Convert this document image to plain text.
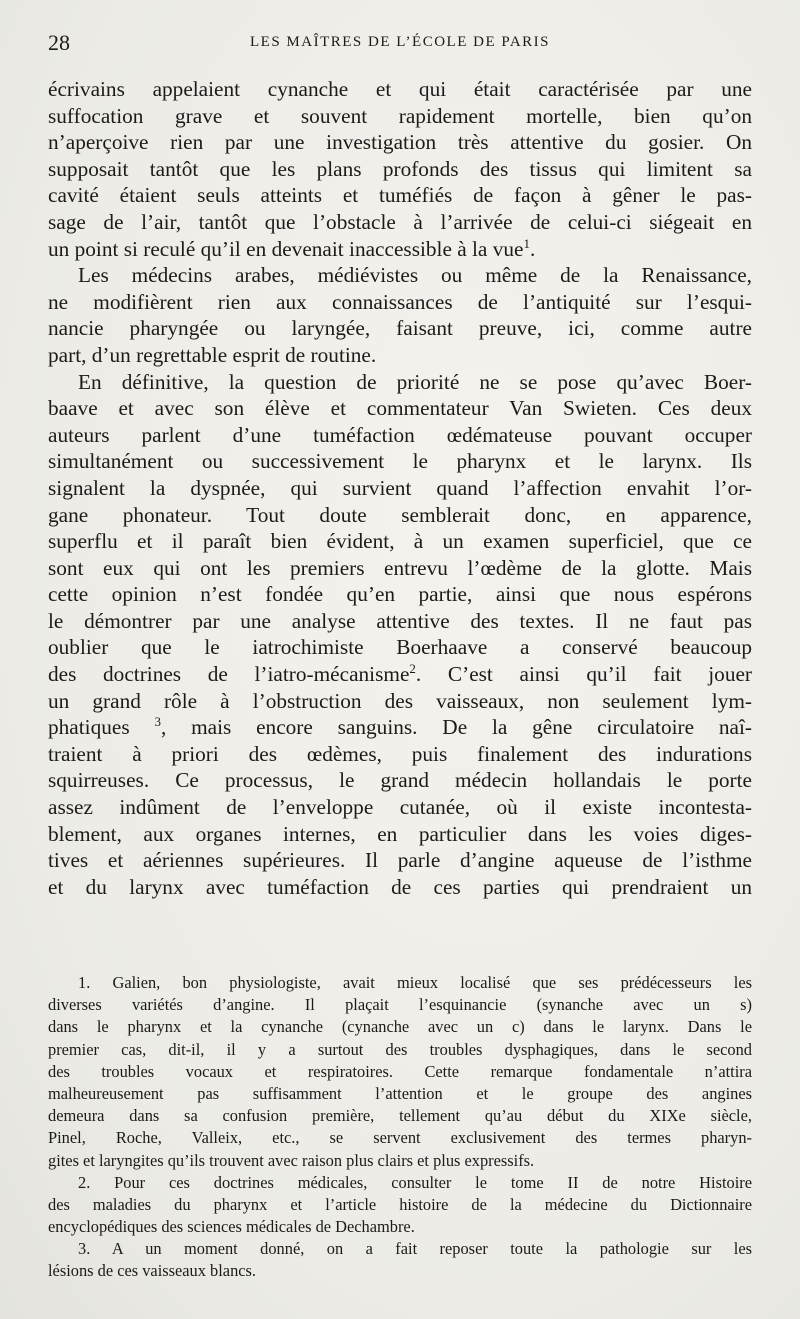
28	LES MAÎTRES DE L’ÉCOLE DE PARIS
écrivains appelaient cynanche et qui était caractérisée par une
suffocation grave et souvent rapidement mortelle, bien qu’on
n’aperçoive rien par une investigation très attentive du gosier. On
supposait tantôt que les plans profonds des tissus qui limitent sa
cavité étaient seuls atteints et tuméfiés de façon à gêner le pas-
sage de l’air, tantôt que l’obstacle à l’arrivée de celui-ci siégeait en
un point si reculé qu’il en devenait inaccessible à la vue$^1$.
Les médecins arabes, médiévistes ou même de la Renaissance,
ne modifièrent rien aux connaissances de l’antiquité sur l’esqui-
nancie pharyngée ou laryngée, faisant preuve, ici, comme autre
part, d’un regrettable esprit de routine.
En définitive, la question de priorité ne se pose qu’avec Boer-
baave et avec son élève et commentateur Van Swieten. Ces deux
auteurs parlent d’une tuméfaction œdémateuse pouvant occuper
simultanément ou successivement le pharynx et le larynx. Ils
signalent la dyspnée, qui survient quand l’affection envahit l’or-
gane phonateur. Tout doute semblerait donc, en apparence,
superflu et il paraît bien évident, à un examen superficiel, que ce
sont eux qui ont les premiers entrevu l’œdème de la glotte. Mais
cette opinion n’est fondée qu’en partie, ainsi que nous espérons
le démontrer par une analyse attentive des textes. Il ne faut pas
oublier que le iatrochimiste Boerhaave a conservé beaucoup
des doctrines de l’iatro-mécanisme$^2$. C’est ainsi qu’il fait jouer
un grand rôle à l’obstruction des vaisseaux, non seulement lym-
phatiques $^3$, mais encore sanguins. De la gêne circulatoire naî-
traient à priori des œdèmes, puis finalement des indurations
squirreuses. Ce processus, le grand médecin hollandais le porte
assez indûment de l’enveloppe cutanée, où il existe incontesta-
blement, aux organes internes, en particulier dans les voies diges-
tives et aériennes supérieures. Il parle d’angine aqueuse de l’isthme
et du larynx avec tuméfaction de ces parties qui prendraient un
1. Galien, bon physiologiste, avait mieux localisé que ses prédécesseurs les
diverses variétés d’angine. Il plaçait l’esquinancie (synanche avec un s)
dans le pharynx et la cynanche (cynanche avec un c) dans le larynx. Dans le
premier cas, dit-il, il y a surtout des troubles dysphagiques, dans le second
des troubles vocaux et respiratoires. Cette remarque fondamentale n’attira
malheureusement pas suffisamment l’attention et le groupe des angines
demeura dans sa confusion première, tellement qu’au début du XIXe siècle,
Pinel, Roche, Valleix, etc., se servent exclusivement des termes pharyn-
gites et laryngites qu’ils trouvent avec raison plus clairs et plus expressifs.
2. Pour ces doctrines médicales, consulter le tome II de notre Histoire
des maladies du pharynx et l’article histoire de la médecine du Dictionnaire
encyclopédiques des sciences médicales de Dechambre.
3. A un moment donné, on a fait reposer toute la pathologie sur les
lésions de ces vaisseaux blancs.
